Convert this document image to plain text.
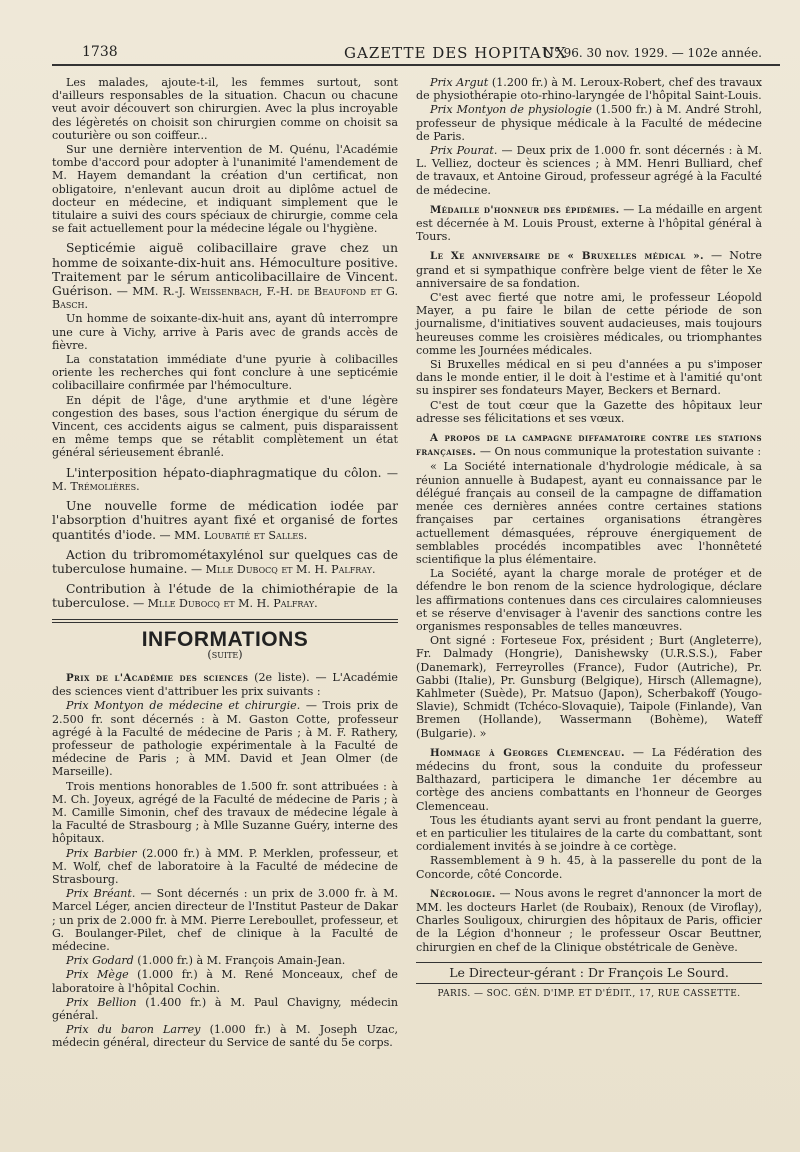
1738	GAZETTE DES HOPITAUX
N° 96. 30 nov. 1929. — 102e année.

Les malades, ajoute-t-il, les femmes surtout, sont d'ailleurs responsables de la situation. Chacun ou chacune veut avoir découvert son chirurgien. Avec la plus incroyable des légèretés on choisit son chirurgien comme on choisit sa couturière ou son coiffeur...

Sur une dernière intervention de M. Quénu, l'Académie tombe d'accord pour adopter à l'unanimité l'amendement de M. Hayem demandant la création d'un certificat, non obligatoire, n'enlevant aucun droit au diplôme actuel de docteur en médecine, et indiquant simplement que le titulaire a suivi des cours spéciaux de chirurgie, comme cela se fait actuellement pour la médecine légale ou l'hygiène.

Septicémie aiguë colibacillaire grave chez un homme de soixante-dix-huit ans. Hémoculture positive. Traitement par le sérum anticolibacillaire de Vincent. Guérison. — MM. R.-J. Weissenbach, F.-H. de Beaufond et G. Basch.

Un homme de soixante-dix-huit ans, ayant dû interrompre une cure à Vichy, arrive à Paris avec de grands accès de fièvre.

La constatation immédiate d'une pyurie à colibacilles oriente les recherches qui font conclure à une septicémie colibacillaire confirmée par l'hémoculture.

En dépit de l'âge, d'une arythmie et d'une légère congestion des bases, sous l'action énergique du sérum de Vincent, ces accidents aigus se calment, puis disparaissent en même temps que se rétablit complètement un état général sérieusement ébranlé.

L'interposition hépato-diaphragmatique du côlon. — M. Trémolières.

Une nouvelle forme de médication iodée par l'absorption d'huitres ayant fixé et organisé de fortes quantités d'iode. — MM. Loubatié et Salles.

Action du tribromométaxylénol sur quelques cas de tuberculose humaine. — Mlle Dubocq et M. H. Palfray.

Contribution à l'étude de la chimiothérapie de la tuberculose. — Mlle Dubocq et M. H. Palfray.

INFORMATIONS
(suite)

Prix de l'Académie des sciences (2e liste). — L'Académie des sciences vient d'attribuer les prix suivants :

Prix Montyon de médecine et chirurgie. — Trois prix de 2.500 fr. sont décernés : à M. Gaston Cotte, professeur agrégé à la Faculté de médecine de Paris ; à M. F. Rathery, professeur de pathologie expérimentale à la Faculté de médecine de Paris ; à MM. David et Jean Olmer (de Marseille).

Trois mentions honorables de 1.500 fr. sont attribuées : à M. Ch. Joyeux, agrégé de la Faculté de médecine de Paris ; à M. Camille Simonin, chef des travaux de médecine légale à la Faculté de Strasbourg ; à Mlle Suzanne Guéry, interne des hôpitaux.

Prix Barbier (2.000 fr.) à MM. P. Merklen, professeur, et M. Wolf, chef de laboratoire à la Faculté de médecine de Strasbourg.

Prix Bréant. — Sont décernés : un prix de 3.000 fr. à M. Marcel Léger, ancien directeur de l'Institut Pasteur de Dakar ; un prix de 2.000 fr. à MM. Pierre Lereboullet, professeur, et G. Boulanger-Pilet, chef de clinique à la Faculté de médecine.

Prix Godard (1.000 fr.) à M. François Amain-Jean.

Prix Mège (1.000 fr.) à M. René Monceaux, chef de laboratoire à l'hôpital Cochin.

Prix Bellion (1.400 fr.) à M. Paul Chavigny, médecin général.

Prix du baron Larrey (1.000 fr.) à M. Joseph Uzac, médecin général, directeur du Service de santé du 5e corps.

Prix Argut (1.200 fr.) à M. Leroux-Robert, chef des travaux de physiothérapie oto-rhino-laryngée de l'hôpital Saint-Louis.

Prix Montyon de physiologie (1.500 fr.) à M. André Strohl, professeur de physique médicale à la Faculté de médecine de Paris.

Prix Pourat. — Deux prix de 1.000 fr. sont décernés : à M. L. Velliez, docteur ès sciences ; à MM. Henri Bulliard, chef de travaux, et Antoine Giroud, professeur agrégé à la Faculté de médecine.

Médaille d'honneur des épidémies. — La médaille en argent est décernée à M. Louis Proust, externe à l'hôpital général à Tours.

Le Xe anniversaire de « Bruxelles médical ». — Notre grand et si sympathique confrère belge vient de fêter le Xe anniversaire de sa fondation.

C'est avec fierté que notre ami, le professeur Léopold Mayer, a pu faire le bilan de cette période de son journalisme, d'initiatives souvent audacieuses, mais toujours heureuses comme les croisières médicales, ou triomphantes comme les Journées médicales.

Si Bruxelles médical en si peu d'années a pu s'imposer dans le monde entier, il le doit à l'estime et à l'amitié qu'ont su inspirer ses fondateurs Mayer, Beckers et Bernard.

C'est de tout cœur que la Gazette des hôpitaux leur adresse ses félicitations et ses vœux.

A propos de la campagne diffamatoire contre les stations françaises. — On nous communique la protestation suivante :

« La Société internationale d'hydrologie médicale, à sa réunion annuelle à Budapest, ayant eu connaissance par le délégué français au conseil de la campagne de diffamation menée ces dernières années contre certaines stations françaises par certaines organisations étrangères actuellement démasquées, réprouve énergiquement de semblables procédés incompatibles avec l'honnêteté scientifique la plus élémentaire.

La Société, ayant la charge morale de protéger et de défendre le bon renom de la science hydrologique, déclare les affirmations contenues dans ces circulaires calomnieuses et se réserve d'envisager à l'avenir des sanctions contre les organismes responsables de telles manœuvres.

Ont signé : Forteseue Fox, président ; Burt (Angleterre), Fr. Dalmady (Hongrie), Danishewsky (U.R.S.S.), Faber (Danemark), Ferreyrolles (France), Fudor (Autriche), Pr. Gabbi (Italie), Pr. Gunsburg (Belgique), Hirsch (Allemagne), Kahlmeter (Suède), Pr. Matsuo (Japon), Scherbakoff (Yougo-Slavie), Schmidt (Tchéco-Slovaquie), Taipole (Finlande), Van Bremen (Hollande), Wassermann (Bohème), Wateff (Bulgarie). »

Hommage à Georges Clemenceau. — La Fédération des médecins du front, sous la conduite du professeur Balthazard, participera le dimanche 1er décembre au cortège des anciens combattants en l'honneur de Georges Clemenceau.

Tous les étudiants ayant servi au front pendant la guerre, et en particulier les titulaires de la carte du combattant, sont cordialement invités à se joindre à ce cortège.

Rassemblement à 9 h. 45, à la passerelle du pont de la Concorde, côté Concorde.

Nécrologie. — Nous avons le regret d'annoncer la mort de MM. les docteurs Harlet (de Roubaix), Renoux (de Viroflay), Charles Souligoux, chirurgien des hôpitaux de Paris, officier de la Légion d'honneur ; le professeur Oscar Beuttner, chirurgien en chef de la Clinique obstétricale de Genève.

Le Directeur-gérant : Dr François Le Sourd.
PARIS. — SOC. GÉN. D'IMP. ET D'ÉDIT., 17, RUE CASSETTE.
